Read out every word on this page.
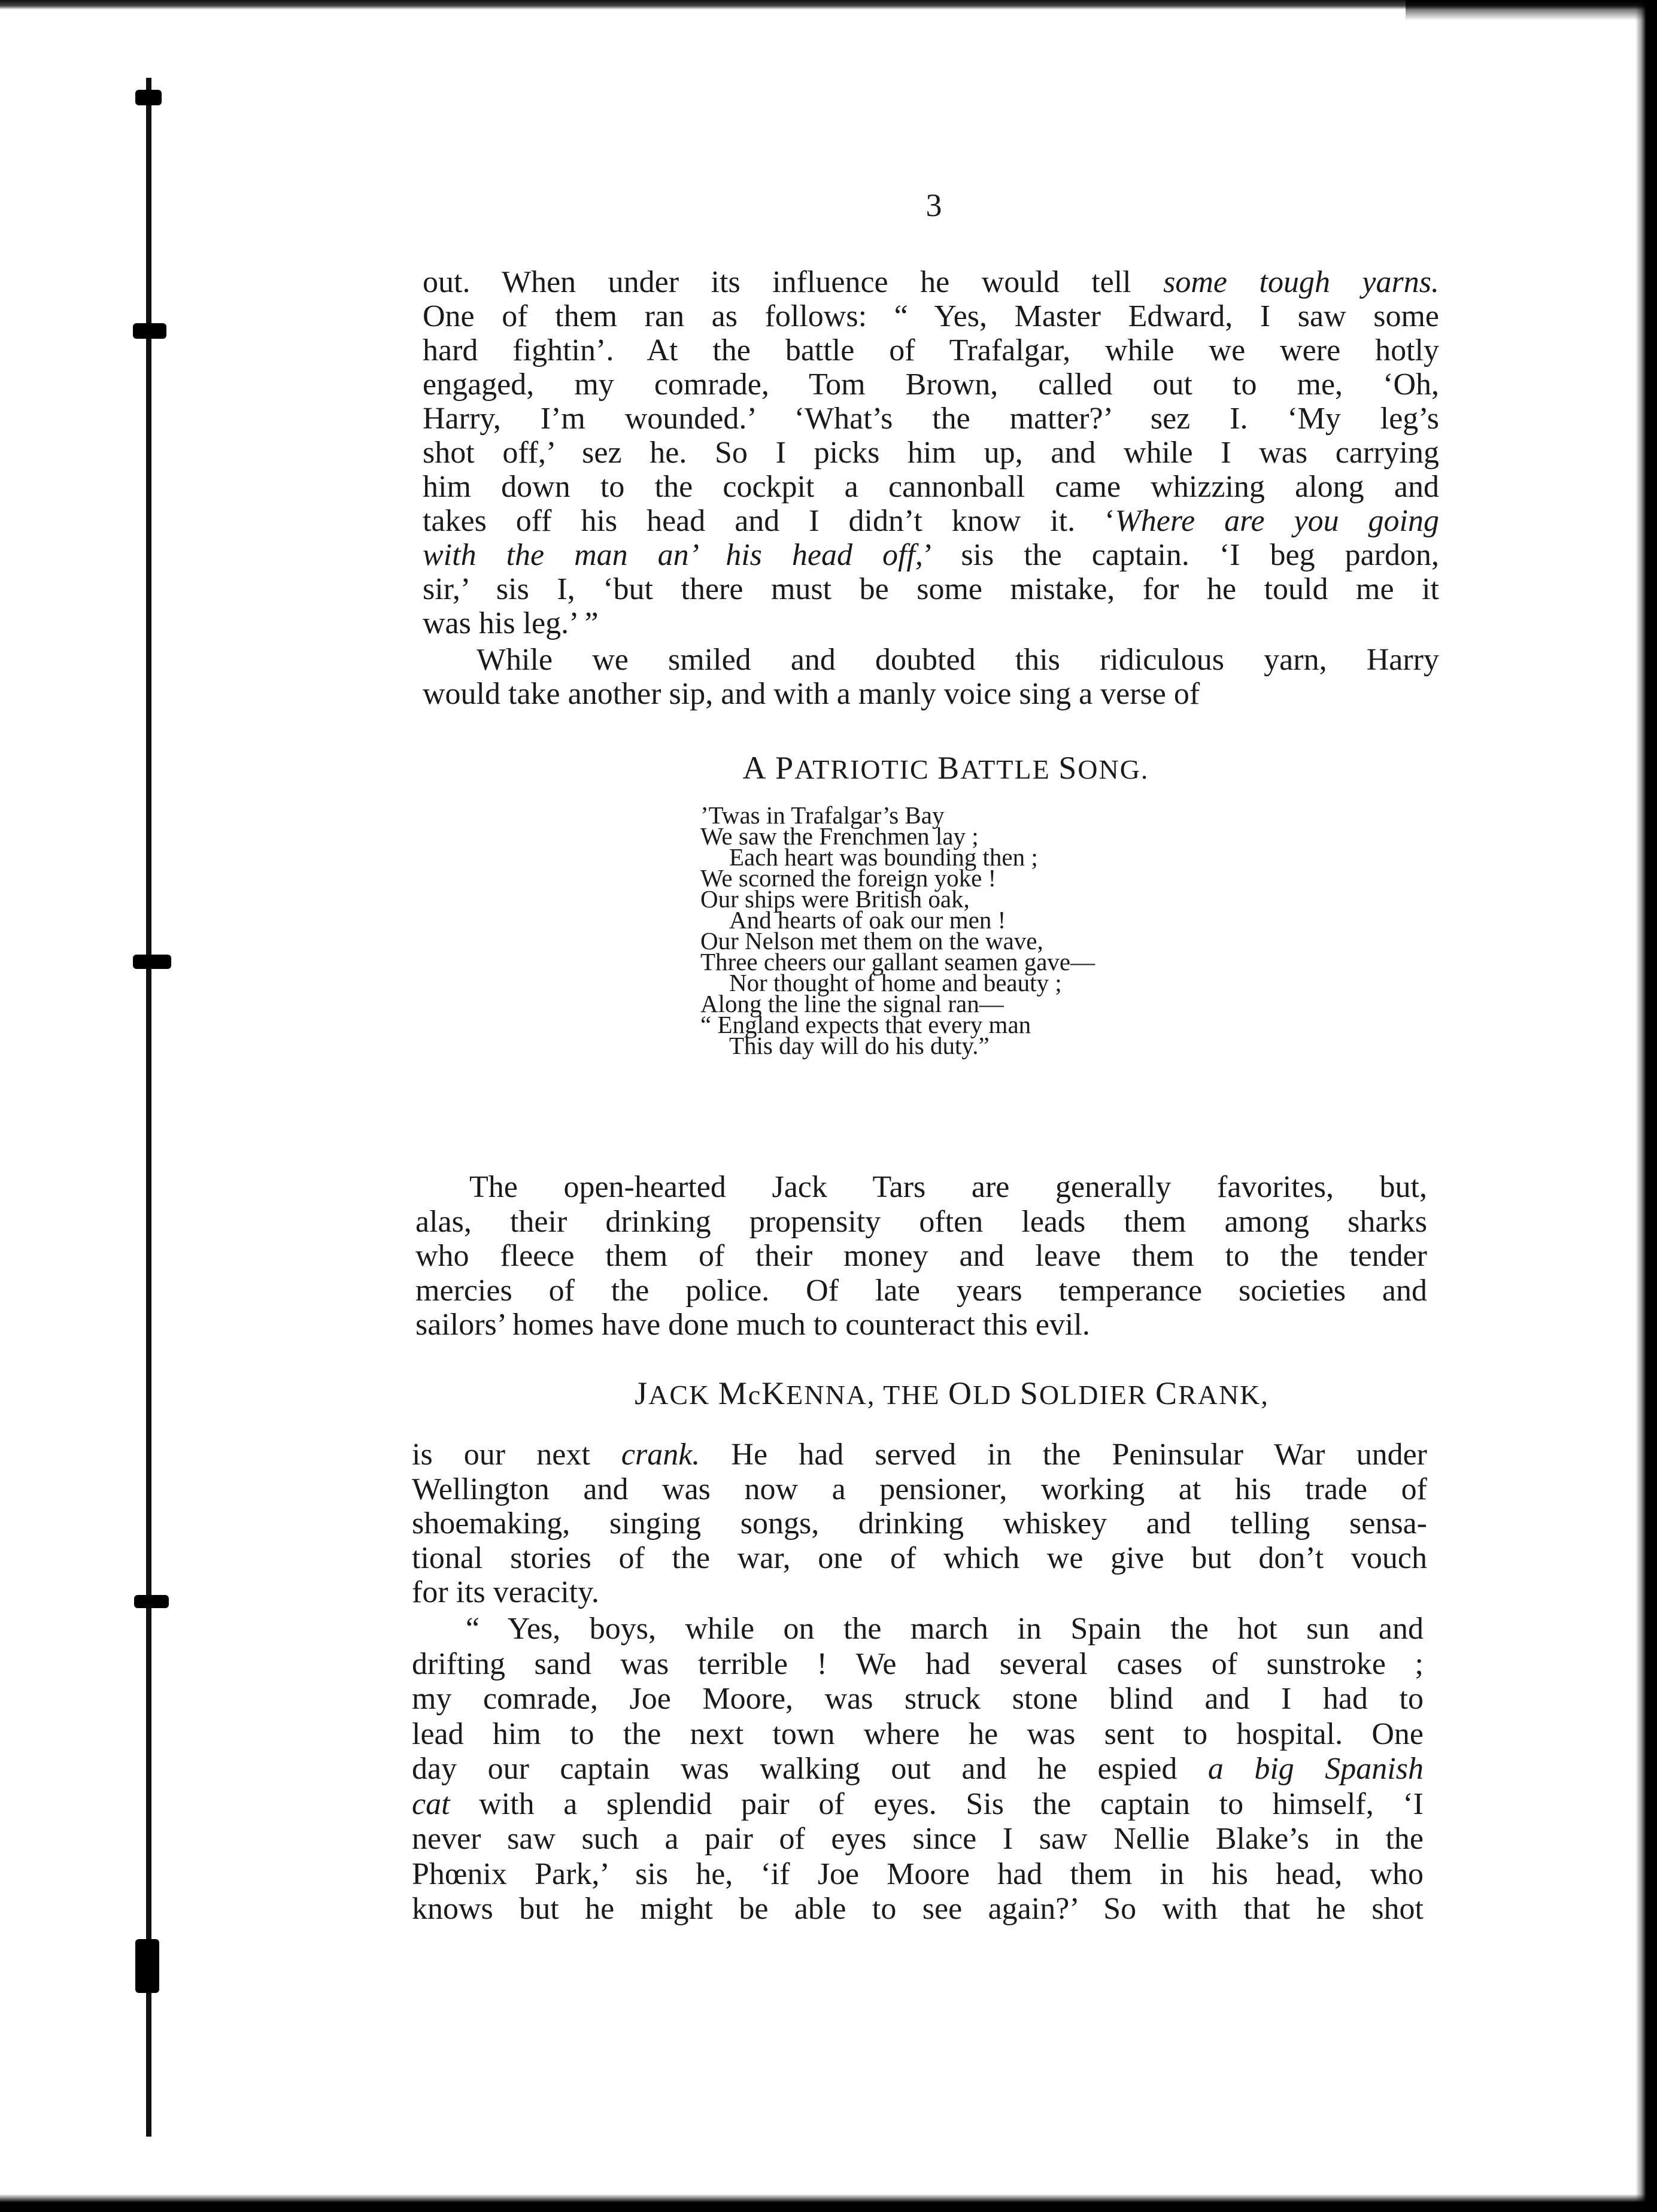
3
out. When under its influence he would tell some tough yarns.
One of them ran as follows: “ Yes, Master Edward, I saw some
hard fightin’. At the battle of Trafalgar, while we were hotly
engaged, my comrade, Tom Brown, called out to me, ‘Oh,
Harry, I’m wounded.’ ‘What’s the matter?’ sez I. ‘My leg’s
shot off,’ sez he. So I picks him up, and while I was carrying
him down to the cockpit a cannonball came whizzing along and
takes off his head and I didn’t know it. ‘Where are you going
with the man an’ his head off,’ sis the captain. ‘I beg pardon,
sir,’ sis I, ‘but there must be some mistake, for he tould me it
was his leg.’ ”
While we smiled and doubted this ridiculous yarn, Harry
would take another sip, and with a manly voice sing a verse of
A PATRIOTIC BATTLE SONG.
’Twas in Trafalgar’s Bay
We saw the Frenchmen lay ;
Each heart was bounding then ;
We scorned the foreign yoke !
Our ships were British oak,
And hearts of oak our men !
Our Nelson met them on the wave,
Three cheers our gallant seamen gave—
Nor thought of home and beauty ;
Along the line the signal ran—
“ England expects that every man
This day will do his duty.”
The open-hearted Jack Tars are generally favorites, but,
alas, their drinking propensity often leads them among sharks
who fleece them of their money and leave them to the tender
mercies of the police. Of late years temperance societies and
sailors’ homes have done much to counteract this evil.
JACK McKENNA, THE OLD SOLDIER CRANK,
is our next crank. He had served in the Peninsular War under
Wellington and was now a pensioner, working at his trade of
shoemaking, singing songs, drinking whiskey and telling sensa-
tional stories of the war, one of which we give but don’t vouch
for its veracity.
“ Yes, boys, while on the march in Spain the hot sun and
drifting sand was terrible ! We had several cases of sunstroke ;
my comrade, Joe Moore, was struck stone blind and I had to
lead him to the next town where he was sent to hospital. One
day our captain was walking out and he espied a big Spanish
cat with a splendid pair of eyes. Sis the captain to himself, ‘I
never saw such a pair of eyes since I saw Nellie Blake’s in the
Phœnix Park,’ sis he, ‘if Joe Moore had them in his head, who
knows but he might be able to see again?’ So with that he shot
